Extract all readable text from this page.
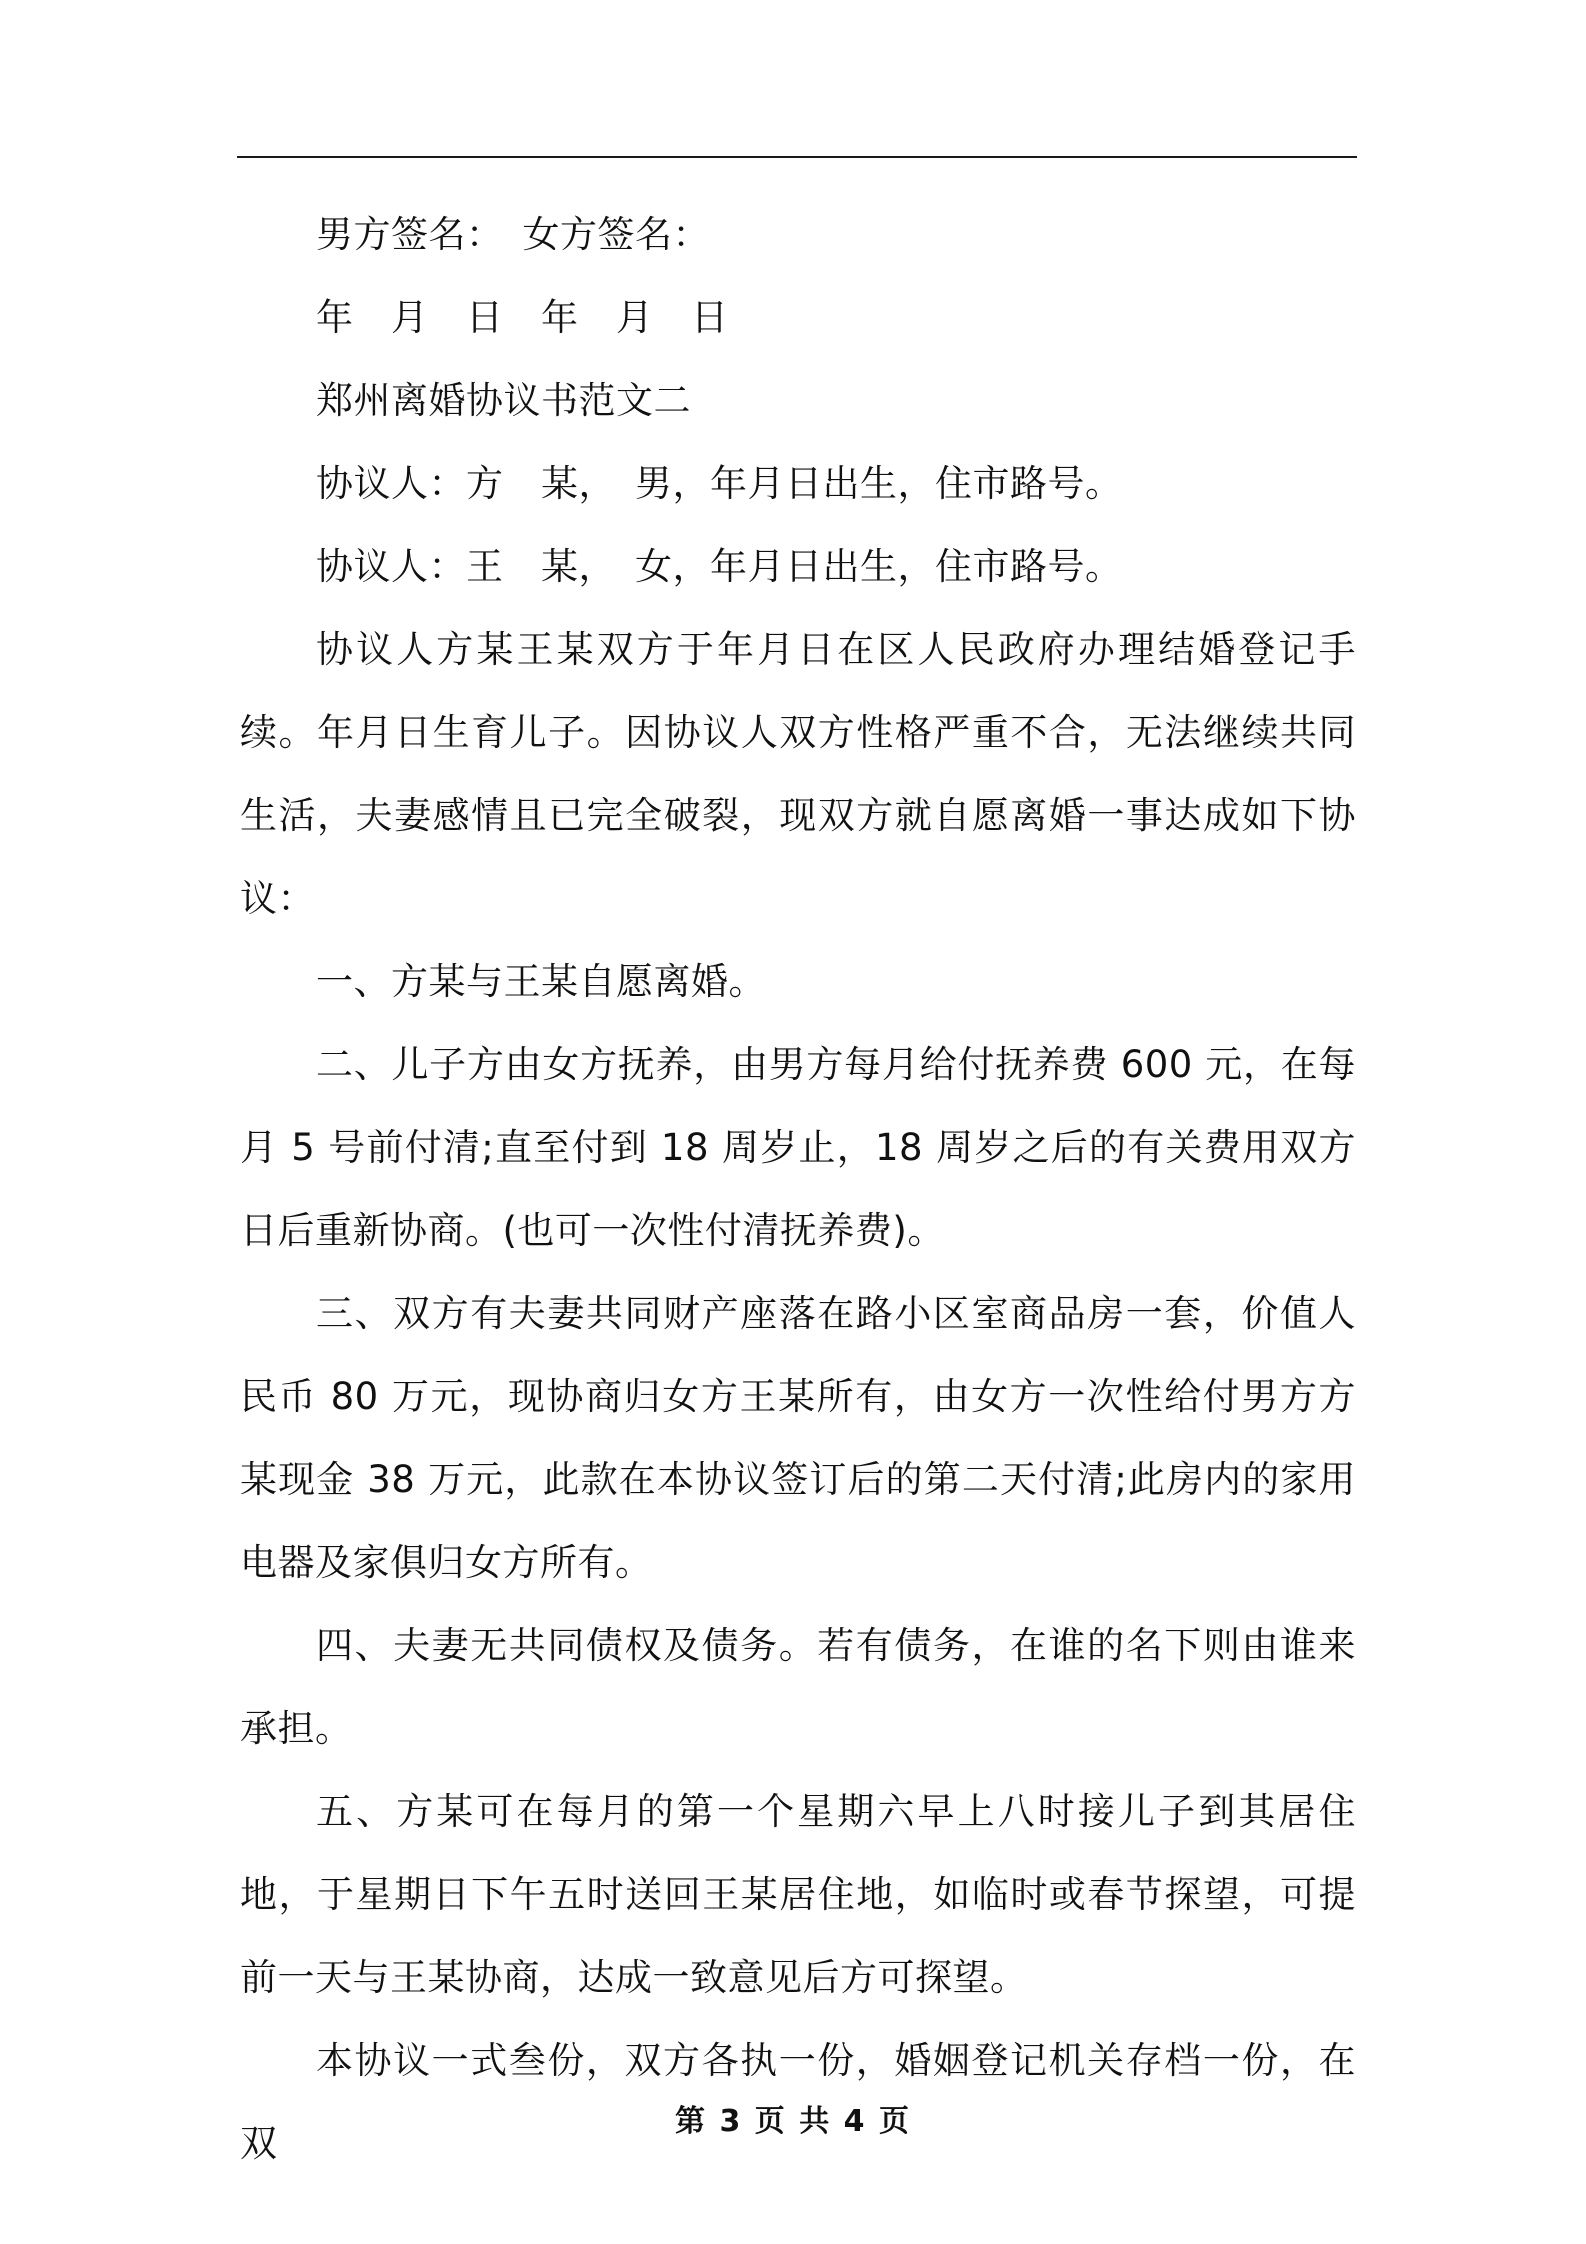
男方签名：　女方签名：

年　月　日　年　月　日

郑州离婚协议书范文二

协议人：方　某，　男，年月日出生，住市路号。

协议人：王　某，　女，年月日出生，住市路号。

协议人方某王某双方于年月日在区人民政府办理结婚登记手续。年月日生育儿子。因协议人双方性格严重不合，无法继续共同生活，夫妻感情且已完全破裂，现双方就自愿离婚一事达成如下协议：

一、方某与王某自愿离婚。

二、儿子方由女方抚养，由男方每月给付抚养费 600 元，在每月 5 号前付清;直至付到 18 周岁止，18 周岁之后的有关费用双方日后重新协商。(也可一次性付清抚养费)。

三、双方有夫妻共同财产座落在路小区室商品房一套，价值人民币 80 万元，现协商归女方王某所有，由女方一次性给付男方方某现金 38 万元，此款在本协议签订后的第二天付清;此房内的家用电器及家俱归女方所有。

四、夫妻无共同债权及债务。若有债务，在谁的名下则由谁来承担。

五、方某可在每月的第一个星期六早上八时接儿子到其居住地，于星期日下午五时送回王某居住地，如临时或春节探望，可提前一天与王某协商，达成一致意见后方可探望。

本协议一式叁份，双方各执一份，婚姻登记机关存档一份，在双

第 3 页 共 4 页
